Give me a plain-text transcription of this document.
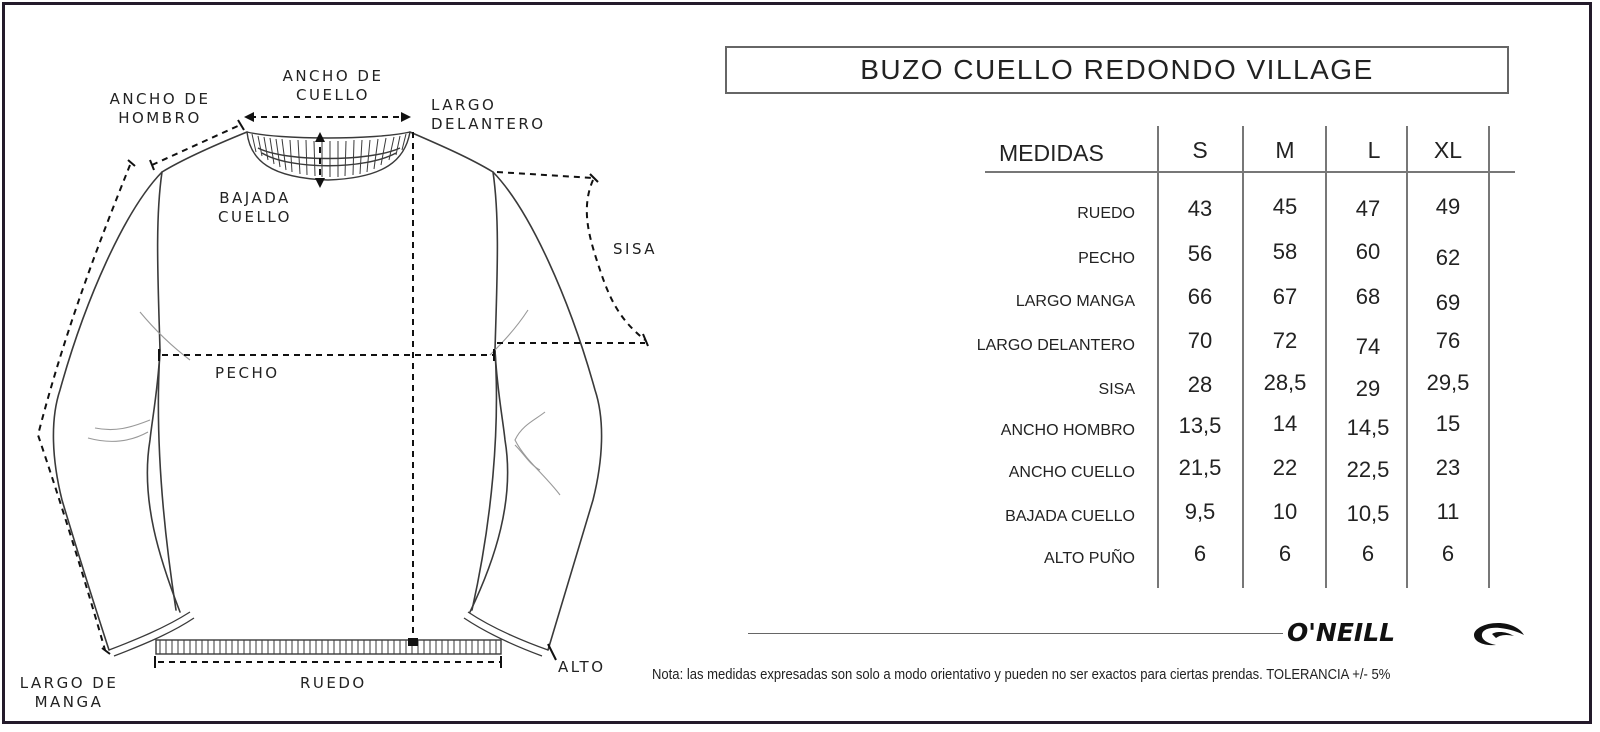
ANCHO DE
CUELLO
ANCHO DE
HOMBRO
LARGO
DELANTERO
BAJADA
CUELLO
SISA
PECHO
RUEDO
ALTO
LARGO DE
MANGA
BUZO CUELLO REDONDO VILLAGE
MEDIDAS	S	M	L	XL
RUEDO	43	45	47	49
PECHO	56	58	60	62
LARGO MANGA	66	67	68	69
LARGO DELANTERO	70	72	74	76
SISA	28	28,5	29	29,5
ANCHO HOMBRO	13,5	14	14,5	15
ANCHO CUELLO	21,5	22	22,5	23
BAJADA CUELLO	9,5	10	10,5	11
ALTO PUÑO	6	6	6	6
O'NEILL
Nota: las medidas expresadas son solo a modo orientativo y pueden no ser exactos para ciertas prendas. TOLERANCIA +/- 5%
